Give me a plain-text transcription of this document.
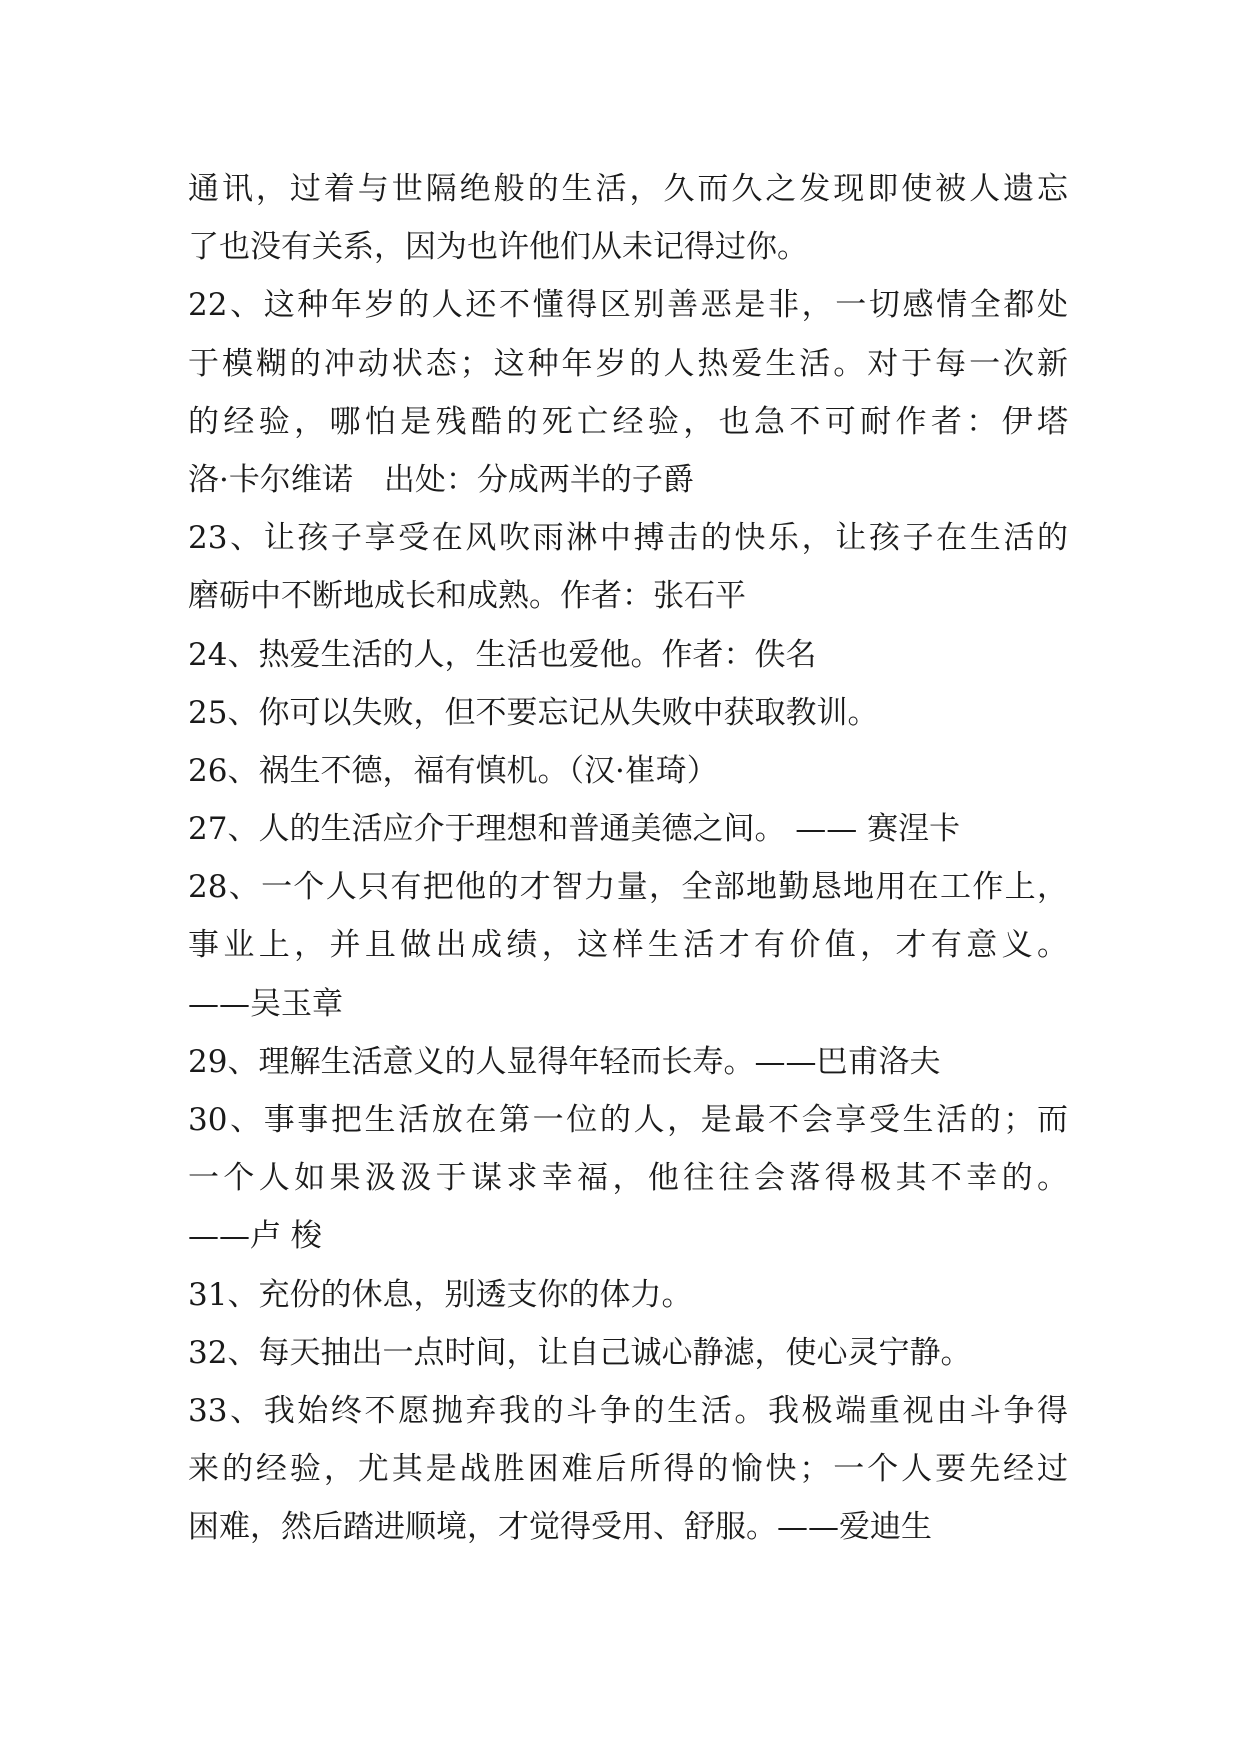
通讯，过着与世隔绝般的生活，久而久之发现即使被人遗忘
了也没有关系，因为也许他们从未记得过你。
22、这种年岁的人还不懂得区别善恶是非，一切感情全都处
于模糊的冲动状态；这种年岁的人热爱生活。对于每一次新
的经验，哪怕是残酷的死亡经验，也急不可耐作者：伊塔
洛·卡尔维诺　出处：分成两半的子爵
23、让孩子享受在风吹雨淋中搏击的快乐，让孩子在生活的
磨砺中不断地成长和成熟。作者：张石平
24、热爱生活的人，生活也爱他。作者：佚名
25、你可以失败，但不要忘记从失败中获取教训。
26、祸生不德，福有慎机。（汉·崔琦）
27、人的生活应介于理想和普通美德之间。 —— 赛涅卡
28、一个人只有把他的才智力量，全部地勤恳地用在工作上，
事业上，并且做出成绩，这样生活才有价值，才有意义。
——吴玉章
29、理解生活意义的人显得年轻而长寿。——巴甫洛夫
30、事事把生活放在第一位的人，是最不会享受生活的；而
一个人如果汲汲于谋求幸福，他往往会落得极其不幸的。
——卢 梭
31、充份的休息，别透支你的体力。
32、每天抽出一点时间，让自己诚心静滤，使心灵宁静。
33、我始终不愿抛弃我的斗争的生活。我极端重视由斗争得
来的经验，尤其是战胜困难后所得的愉快；一个人要先经过
困难，然后踏进顺境，才觉得受用、舒服。——爱迪生
